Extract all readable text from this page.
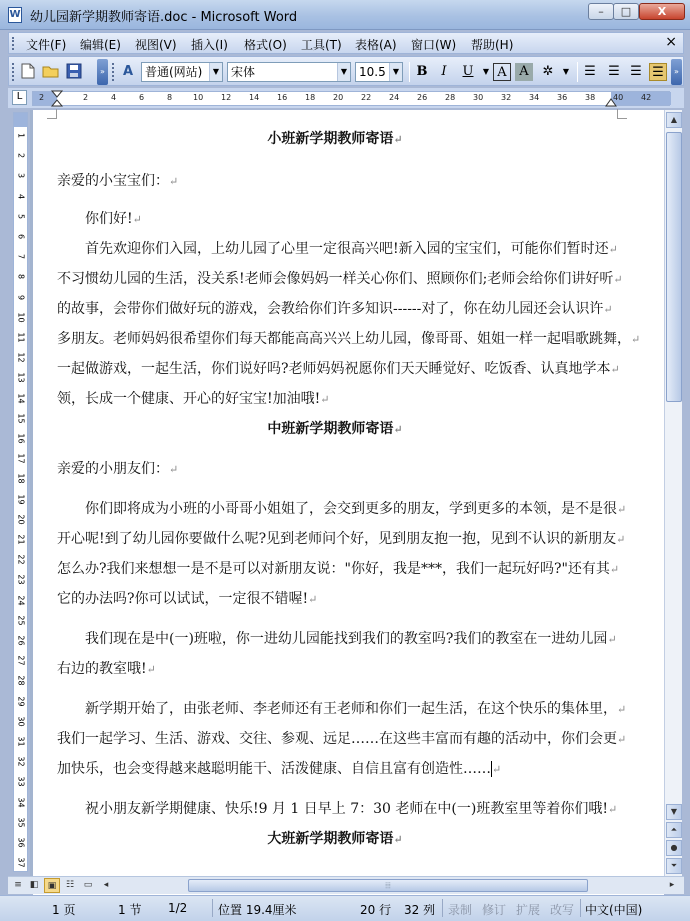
W 幼儿园新学期教师寄语.doc - Microsoft Word	–	□	X
文件(F) 编辑(E) 视图(V) 插入(I) 格式(O) 工具(T) 表格(A) 窗口(W) 帮助(H)	×
»	A 普通(网站)	▼ 宋体	▼ 10.5 ▼ B	I	U	▼ A A	✲	▼	☰ ☰ ☰ ☰	»
L	2	2	4	6	8	10 12 14 16 18 20 22 24 26 28 30 32 34 36 38 40 42
1
2
3
4
5
6
7
8
9
10
11
12
13
14
15
16
17
18
19
20
21
22
23
24
25
26
27
28
29
30
31
32
33
34
35
36
37
小班新学期教师寄语↵
亲爱的小宝宝们：↵
　　你们好!↵
　　首先欢迎你们入园，上幼儿园了心里一定很高兴吧!新入园的宝宝们，可能你们暂时还↵
不习惯幼儿园的生活，没关系!老师会像妈妈一样关心你们、照顾你们;老师会给你们讲好听↵
的故事，会带你们做好玩的游戏，会教给你们许多知识------对了，你在幼儿园还会认识许↵
多朋友。老师妈妈很希望你们每天都能高高兴兴上幼儿园，像哥哥、姐姐一样一起唱歌跳舞，↵
一起做游戏，一起生活，你们说好吗?老师妈妈祝愿你们天天睡觉好、吃饭香、认真地学本↵
领，长成一个健康、开心的好宝宝!加油哦!↵
中班新学期教师寄语↵
亲爱的小朋友们：↵
　　你们即将成为小班的小哥哥小姐姐了，会交到更多的朋友，学到更多的本领，是不是很↵
开心呢!到了幼儿园你要做什么呢?见到老师问个好，见到朋友抱一抱，见到不认识的新朋友↵
怎么办?我们来想想一是不是可以对新朋友说："你好，我是***，我们一起玩好吗?"还有其↵
它的办法吗?你可以试试，一定很不错喔!↵
　　我们现在是中(一)班啦，你一进幼儿园能找到我们的教室吗?我们的教室在一进幼儿园↵
右边的教室哦!↵
　　新学期开始了，由张老师、李老师还有王老师和你们一起生活，在这个快乐的集体里，↵
我们一起学习、生活、游戏、交往、参观、远足……在这些丰富而有趣的活动中，你们会更↵
加快乐，也会变得越来越聪明能干、活泼健康、自信且富有创造性……↵
　　祝小朋友新学期健康、快乐!9 月 1 日早上 7：30 老师在中(一)班教室里等着你们哦!↵
大班新学期教师寄语↵
▲
▼
⏶
●
⏷
≡ ◧	▣	☷	▭	◂	⦙⦙⦙	▸
1 页	1 节 1/2	位置 19.4厘米	20 行 32 列 录制 修订 扩展 改写 中文(中国)
